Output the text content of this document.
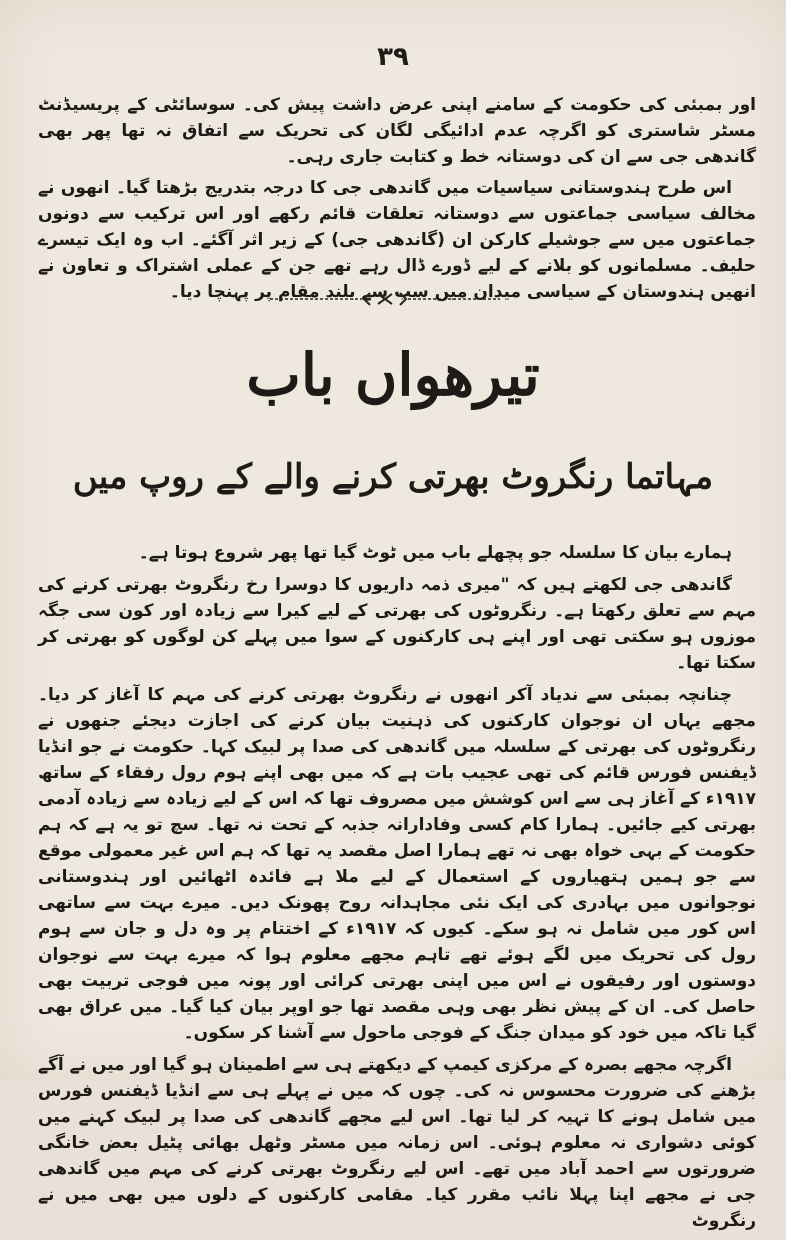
۳۹
اور بمبئی کی حکومت کے سامنے اپنی عرض داشت پیش کی۔ سوسائٹی کے پریسیڈنٹ مسٹر شاستری کو اگرچہ عدم ادائیگی لگان کی تحریک سے اتفاق نہ تھا پھر بھی گاندھی جی سے ان کی دوستانہ خط و کتابت جاری رہی۔
اس طرح ہندوستانی سیاسیات میں گاندھی جی کا درجہ بتدریج بڑھتا گیا۔ انھوں نے مخالف سیاسی جماعتوں سے دوستانہ تعلقات قائم رکھے اور اس ترکیب سے دونوں جماعتوں میں سے جوشیلے کارکن ان (گاندھی جی) کے زیر اثر آگئے۔ اب وہ ایک تیسرے حلیف۔ مسلمانوں کو بلانے کے لیے ڈورے ڈال رہے تھے جن کے عملی اشتراک و تعاون نے انھیں ہندوستان کے سیاسی میدان میں سب سے بلند مقام پر پہنچا دیا۔
تیرھواں باب
مہاتما رنگروٹ بھرتی کرنے والے کے روپ میں

ہمارے بیان کا سلسلہ جو پچھلے باب میں ٹوٹ گیا تھا پھر شروع ہوتا ہے۔

گاندھی جی لکھتے ہیں کہ "میری ذمہ داریوں کا دوسرا رخ رنگروٹ بھرتی کرنے کی مہم سے تعلق رکھتا ہے۔ رنگروٹوں کی بھرتی کے لیے کیرا سے زیادہ اور کون سی جگہ موزوں ہو سکتی تھی اور اپنے ہی کارکنوں کے سوا میں پہلے کن لوگوں کو بھرتی کر سکتا تھا۔

چنانچہ بمبئی سے ندیاد آکر انھوں نے رنگروٹ بھرتی کرنے کی مہم کا آغاز کر دیا۔ مجھے یہاں ان نوجوان کارکنوں کی ذہنیت بیان کرنے کی اجازت دیجئے جنھوں نے رنگروٹوں کی بھرتی کے سلسلہ میں گاندھی کی صدا پر لبیک کہا۔ حکومت نے جو انڈیا ڈیفنس فورس قائم کی تھی عجیب بات ہے کہ میں بھی اپنے ہوم رول رفقاء کے ساتھ ۱۹۱۷ء کے آغاز ہی سے اس کوشش میں مصروف تھا کہ اس کے لیے زیادہ سے زیادہ آدمی بھرتی کیے جائیں۔ ہمارا کام کسی وفادارانہ جذبہ کے تحت نہ تھا۔ سچ تو یہ ہے کہ ہم حکومت کے بہی خواہ بھی نہ تھے ہمارا اصل مقصد یہ تھا کہ ہم اس غیر معمولی موقع سے جو ہمیں ہتھیاروں کے استعمال کے لیے ملا ہے فائدہ اٹھائیں اور ہندوستانی نوجوانوں میں بہادری کی ایک نئی مجاہدانہ روح پھونک دیں۔ میرے بہت سے ساتھی اس کور میں شامل نہ ہو سکے۔ کیوں کہ ۱۹۱۷ء کے اختتام پر وہ دل و جان سے ہوم رول کی تحریک میں لگے ہوئے تھے تاہم مجھے معلوم ہوا کہ میرے بہت سے نوجوان دوستوں اور رفیقوں نے اس میں اپنی بھرتی کرائی اور پونہ میں فوجی تربیت بھی حاصل کی۔ ان کے پیش نظر بھی وہی مقصد تھا جو اوپر بیان کیا گیا۔ میں عراق بھی گیا تاکہ میں خود کو میدان جنگ کے فوجی ماحول سے آشنا کر سکوں۔

اگرچہ مجھے بصرہ کے مرکزی کیمپ کے دیکھتے ہی سے اطمینان ہو گیا اور میں نے آگے بڑھنے کی ضرورت محسوس نہ کی۔ چوں کہ میں نے پہلے ہی سے انڈیا ڈیفنس فورس میں شامل ہونے کا تہیہ کر لیا تھا۔ اس لیے مجھے گاندھی کی صدا پر لبیک کہنے میں کوئی دشواری نہ معلوم ہوئی۔ اس زمانہ میں مسٹر وٹھل بھائی پٹیل بعض خانگی ضرورتوں سے احمد آباد میں تھے۔ اس لیے رنگروٹ بھرتی کرنے کی مہم میں گاندھی جی نے مجھے اپنا پہلا نائب مقرر کیا۔ مقامی کارکنوں کے دلوں میں بھی میں نے رنگروٹ
